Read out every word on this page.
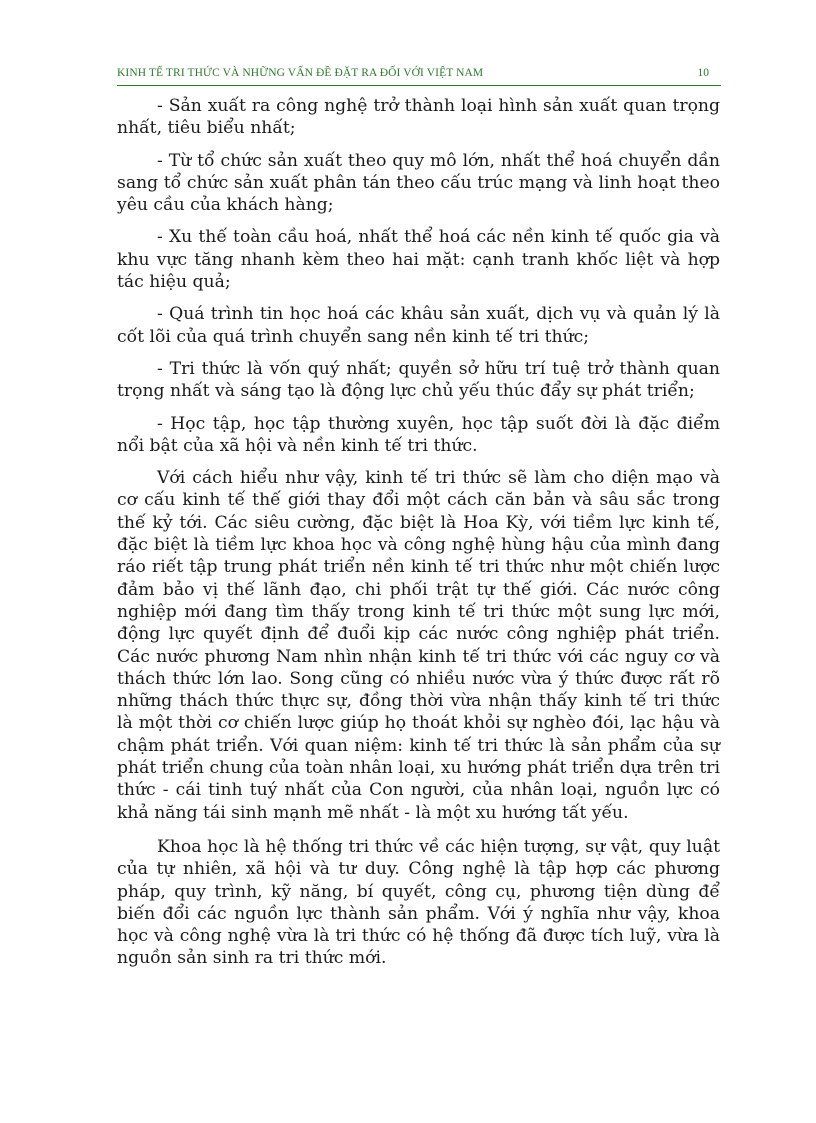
KINH TẾ TRI THỨC VÀ NHỮNG VẤN ĐỀ ĐẶT RA ĐỐI VỚI VIỆT NAM	10

- Sản xuất ra công nghệ trở thành loại hình sản xuất quan trọng nhất, tiêu biểu nhất;

- Từ tổ chức sản xuất theo quy mô lớn, nhất thể hoá chuyển dần sang tổ chức sản xuất phân tán theo cấu trúc mạng và linh hoạt theo yêu cầu của khách hàng;

- Xu thế toàn cầu hoá, nhất thể hoá các nền kinh tế quốc gia và khu vực tăng nhanh kèm theo hai mặt: cạnh tranh khốc liệt và hợp tác hiệu quả;

- Quá trình tin học hoá các khâu sản xuất, dịch vụ và quản lý là cốt lõi của quá trình chuyển sang nền kinh tế tri thức;

- Tri thức là vốn quý nhất; quyền sở hữu trí tuệ trở thành quan trọng nhất và sáng tạo là động lực chủ yếu thúc đẩy sự phát triển;

- Học tập, học tập thường xuyên, học tập suốt đời là đặc điểm nổi bật của xã hội và nền kinh tế tri thức.

Với cách hiểu như vậy, kinh tế tri thức sẽ làm cho diện mạo và cơ cấu kinh tế thế giới thay đổi một cách căn bản và sâu sắc trong thế kỷ tới. Các siêu cường, đặc biệt là Hoa Kỳ, với tiềm lực kinh tế, đặc biệt là tiềm lực khoa học và công nghệ hùng hậu của mình đang ráo riết tập trung phát triển nền kinh tế tri thức như một chiến lược đảm bảo vị thế lãnh đạo, chi phối trật tự thế giới. Các nước công nghiệp mới đang tìm thấy trong kinh tế tri thức một sung lực mới, động lực quyết định để đuổi kịp các nước công nghiệp phát triển. Các nước phương Nam nhìn nhận kinh tế tri thức với các nguy cơ và thách thức lớn lao. Song cũng có nhiều nước vừa ý thức được rất rõ những thách thức thực sự, đồng thời vừa nhận thấy kinh tế tri thức là một thời cơ chiến lược giúp họ thoát khỏi sự nghèo đói, lạc hậu và chậm phát triển. Với quan niệm: kinh tế tri thức là sản phẩm của sự phát triển chung của toàn nhân loại, xu hướng phát triển dựa trên tri thức - cái tinh tuý nhất của Con người, của nhân loại, nguồn lực có khả năng tái sinh mạnh mẽ nhất - là một xu hướng tất yếu.

Khoa học là hệ thống tri thức về các hiện tượng, sự vật, quy luật của tự nhiên, xã hội và tư duy. Công nghệ là tập hợp các phương pháp, quy trình, kỹ năng, bí quyết, công cụ, phương tiện dùng để biến đổi các nguồn lực thành sản phẩm. Với ý nghĩa như vậy, khoa học và công nghệ vừa là tri thức có hệ thống đã được tích luỹ, vừa là nguồn sản sinh ra tri thức mới.
